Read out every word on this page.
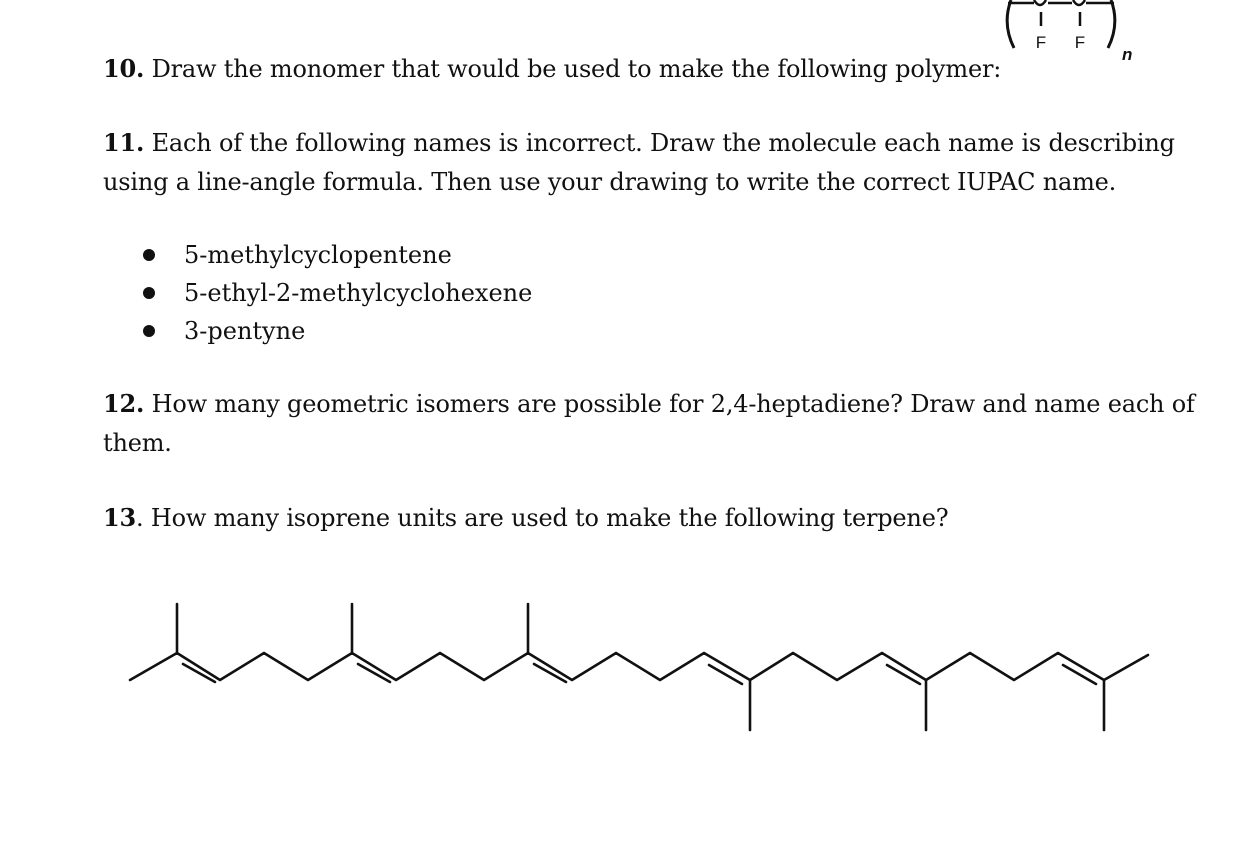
F F
n

10. Draw the monomer that would be used to make the following polymer:

11. Each of the following names is incorrect. Draw the molecule each name is describing using a line-angle formula. Then use your drawing to write the correct IUPAC name.

5-methylcyclopentene
5-ethyl-2-methylcyclohexene
3-pentyne

12. How many geometric isomers are possible for 2,4-heptadiene? Draw and name each of them.

13. How many isoprene units are used to make the following terpene?
